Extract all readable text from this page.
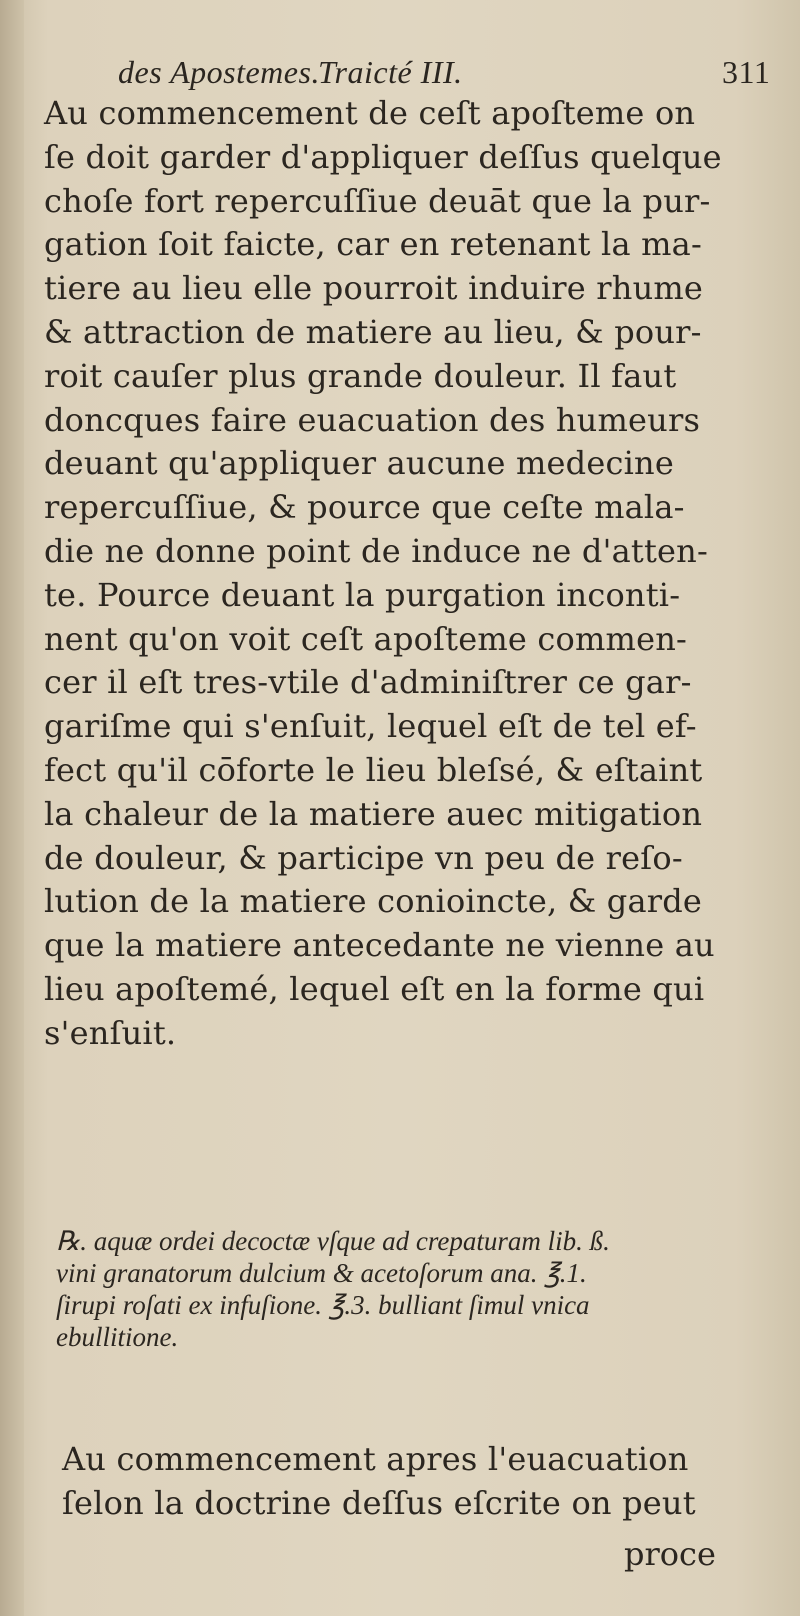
des Apostemes.
Traicté III.	311
Au commencement de ceſt apoſteme on
ſe doit garder d'appliquer deſſus quelque
choſe fort repercuſſiue deuāt que la pur-
gation ſoit faicte, car en retenant la ma-
tiere au lieu elle pourroit induire rhume
& attraction de matiere au lieu, & pour-
roit cauſer plus grande douleur. Il faut
doncques faire euacuation des humeurs
deuant qu'appliquer aucune medecine
repercuſſiue, & pource que ceſte mala-
die ne donne point de induce ne d'atten-
te. Pource deuant la purgation inconti-
nent qu'on voit ceſt apoſteme commen-
cer il eſt tres-vtile d'adminiſtrer ce gar-
gariſme qui s'enſuit, lequel eſt de tel ef-
fect qu'il cōforte le lieu bleſsé, & eſtaint
la chaleur de la matiere auec mitigation
de douleur, & participe vn peu de reſo-
lution de la matiere conioincte, & garde
que la matiere antecedante ne vienne au
lieu apoſtemé, lequel eſt en la forme qui
s'enſuit.
℞. aquæ ordei decoctæ vſque ad crepaturam lib. ß.
vini granatorum dulcium & acetoſorum ana. ℥.1.
ſirupi roſati ex infuſione. ℥.3. bulliant ſimul vnica
ebullitione.
Au commencement apres l'euacuation
ſelon la doctrine deſſus eſcrite on peut
proce
